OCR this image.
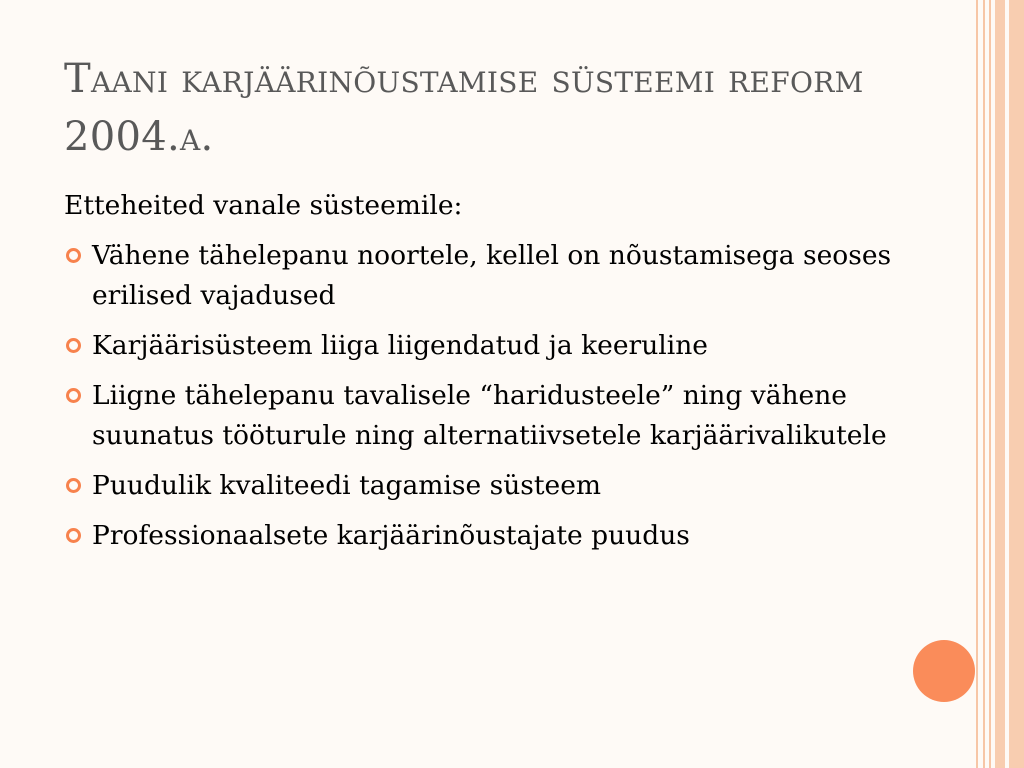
Taani karjäärinõustamise süsteemi reform 2004.a.

Etteheited vanale süsteemile:

Vähene tähelepanu noortele, kellel on nõustamisega seoses erilised vajadused
Karjäärisüsteem liiga liigendatud ja keeruline
Liigne tähelepanu tavalisele “haridusteele” ning vähene suunatus tööturule ning alternatiivsetele karjäärivalikutele
Puudulik kvaliteedi tagamise süsteem
Professionaalsete karjäärinõustajate puudus
